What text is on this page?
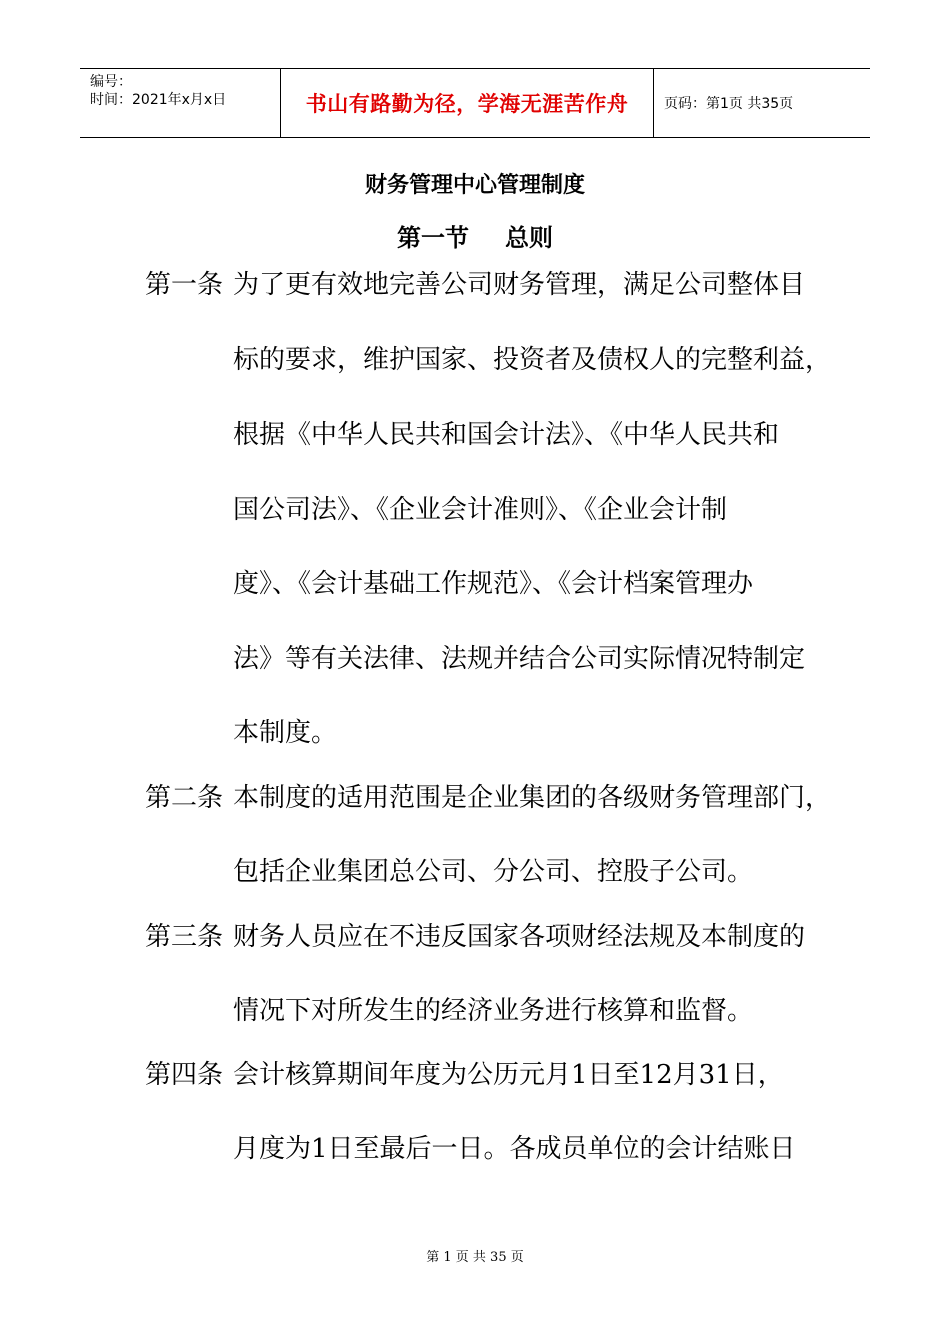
编号：
时间：2021年x月x日	书山有路勤为径，学海无涯苦作舟	页码：第1页 共35页
财务管理中心管理制度
第一节 总则
第一条 为了更有效地完善公司财务管理，满足公司整体目
标的要求，维护国家、投资者及债权人的完整利益，
根据《中华人民共和国会计法》、《中华人民共和
国公司法》、《企业会计准则》、《企业会计制
度》、《会计基础工作规范》、《会计档案管理办
法》等有关法律、法规并结合公司实际情况特制定
本制度。
第二条 本制度的适用范围是企业集团的各级财务管理部门，
包括企业集团总公司、分公司、控股子公司。
第三条 财务人员应在不违反国家各项财经法规及本制度的
情况下对所发生的经济业务进行核算和监督。
第四条 会计核算期间年度为公历元月1日至12月31日，
月度为1日至最后一日。各成员单位的会计结账日
第 1 页 共 35 页
